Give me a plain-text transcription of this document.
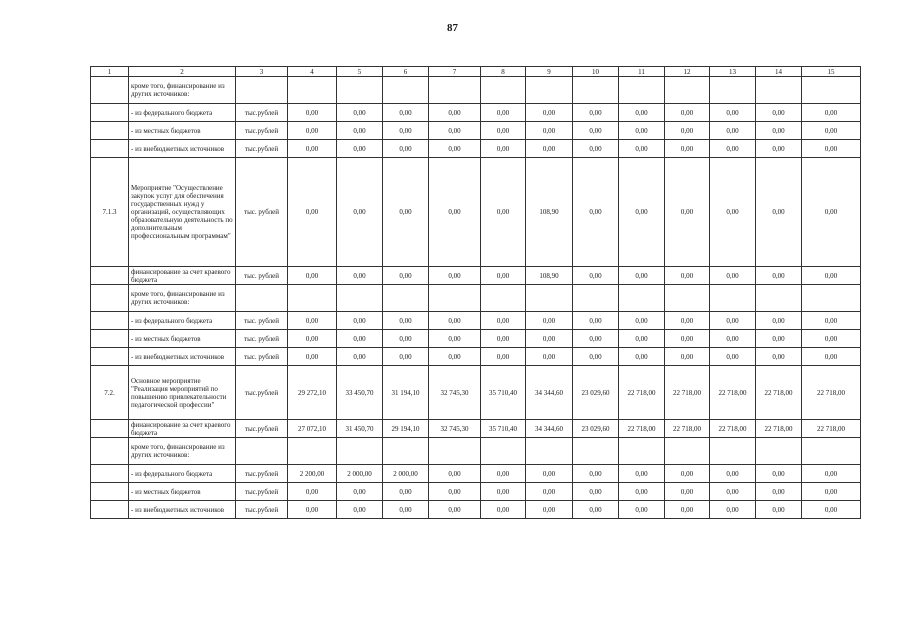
87
1	2	3	4	5	6	7	8	9	10	11	12	13	14	15
	кроме того, финансирование из других источников:													
	- из федерального бюджета	тыс.рублей	0,00	0,00	0,00	0,00	0,00	0,00	0,00	0,00	0,00	0,00	0,00	0,00
	- из местных бюджетов	тыс.рублей	0,00	0,00	0,00	0,00	0,00	0,00	0,00	0,00	0,00	0,00	0,00	0,00
	- из внебюджетных источников	тыс.рублей	0,00	0,00	0,00	0,00	0,00	0,00	0,00	0,00	0,00	0,00	0,00	0,00
7.1.3	Мероприятие "Осуществление закупок услуг для обеспечения государственных нужд у организаций, осуществляющих образовательную деятельность по дополнительным профессиональным программам"	тыс. рублей	0,00	0,00	0,00	0,00	0,00	108,90	0,00	0,00	0,00	0,00	0,00	0,00
	финансирование за счет краевого бюджета	тыс. рублей	0,00	0,00	0,00	0,00	0,00	108,90	0,00	0,00	0,00	0,00	0,00	0,00
	кроме того, финансирование из других источников:													
	- из федерального бюджета	тыс. рублей	0,00	0,00	0,00	0,00	0,00	0,00	0,00	0,00	0,00	0,00	0,00	0,00
	- из местных бюджетов	тыс. рублей	0,00	0,00	0,00	0,00	0,00	0,00	0,00	0,00	0,00	0,00	0,00	0,00
	- из внебюджетных источников	тыс. рублей	0,00	0,00	0,00	0,00	0,00	0,00	0,00	0,00	0,00	0,00	0,00	0,00
7.2.	Основное мероприятие "Реализация мероприятий по повышению привлекательности педагогической профессии"	тыс.рублей	29 272,10	33 450,70	31 194,10	32 745,30	35 710,40	34 344,60	23 029,60	22 718,00	22 718,00	22 718,00	22 718,00	22 718,00
	финансирование за счет краевого бюджета	тыс.рублей	27 072,10	31 450,70	29 194,10	32 745,30	35 710,40	34 344,60	23 029,60	22 718,00	22 718,00	22 718,00	22 718,00	22 718,00
	кроме того, финансирование из других источников:													
	- из федерального бюджета	тыс.рублей	2 200,00	2 000,00	2 000,00	0,00	0,00	0,00	0,00	0,00	0,00	0,00	0,00	0,00
	- из местных бюджетов	тыс.рублей	0,00	0,00	0,00	0,00	0,00	0,00	0,00	0,00	0,00	0,00	0,00	0,00
	- из внебюджетных источников	тыс.рублей	0,00	0,00	0,00	0,00	0,00	0,00	0,00	0,00	0,00	0,00	0,00	0,00
